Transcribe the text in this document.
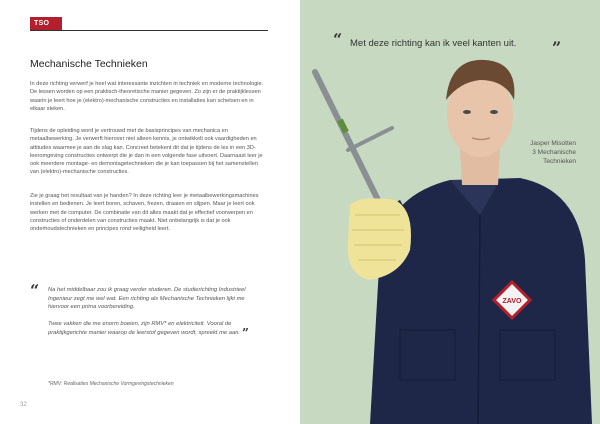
TSO
Mechanische Technieken

In deze richting verwerf je heel wat interessante inzichten in techniek en moderne technologie. De lessen worden op een praktisch-theoretische manier gegeven. Zo zijn er de praktijklessen waarin je leert hoe je (elektro)-mechanische constructies en installaties kan schetsen en in elkaar steken.

Tijdens de opleiding word je vertrouwd met de basisprincipes van mechanica en metaalbewerking. Je verwerft hierover niet alleen kennis, je ontwikkelt ook vaardigheden en attitudes waarmee je aan de slag kan. Concreet betekent dit dat je tijdens de les in een 3D-leeromgeving constructies ontwerpt die je dan in een volgende fase uitvoert. Daarnaast leer je ook meerdere montage- en demontagetechnieken die je kan toepassen bij het samenstellen van (elektro)-mechanische constructies.

Zie je graag het resultaat van je handen? In deze richting leer je metaalbewerkingsmachines instellen en bedienen. Je leert boren, schaven, frezen, draaien en slijpen. Maar je leert ook werken met de computer. De combinatie van dit alles maakt dat je effectief voorwerpen en constructies of onderdelen van constructies maakt. Niet onbelangrijk is dat je ook onderhoudstechnieken en principes rond veiligheid leert.

“ Na het middelbaar zou ik graag verder studeren. De studierichting Industrieel Ingenieur zegt me wel wat. Een richting als Mechanische Technieken lijkt me hiervoor een prima voorbereiding.

Twee vakken die me enorm boeien, zijn RMV* en elektriciteit. Vooral de praktijkgerichte manier waarop de leerstof gegeven wordt, spreekt me aan. ”

*RMV: Realisaties Mechanische Vormgevingstechnieken
32
ZAVO
“ Met deze richting kan ik veel kanten uit. ”
Jasper Misotten
3 Mechanische
Technieken
